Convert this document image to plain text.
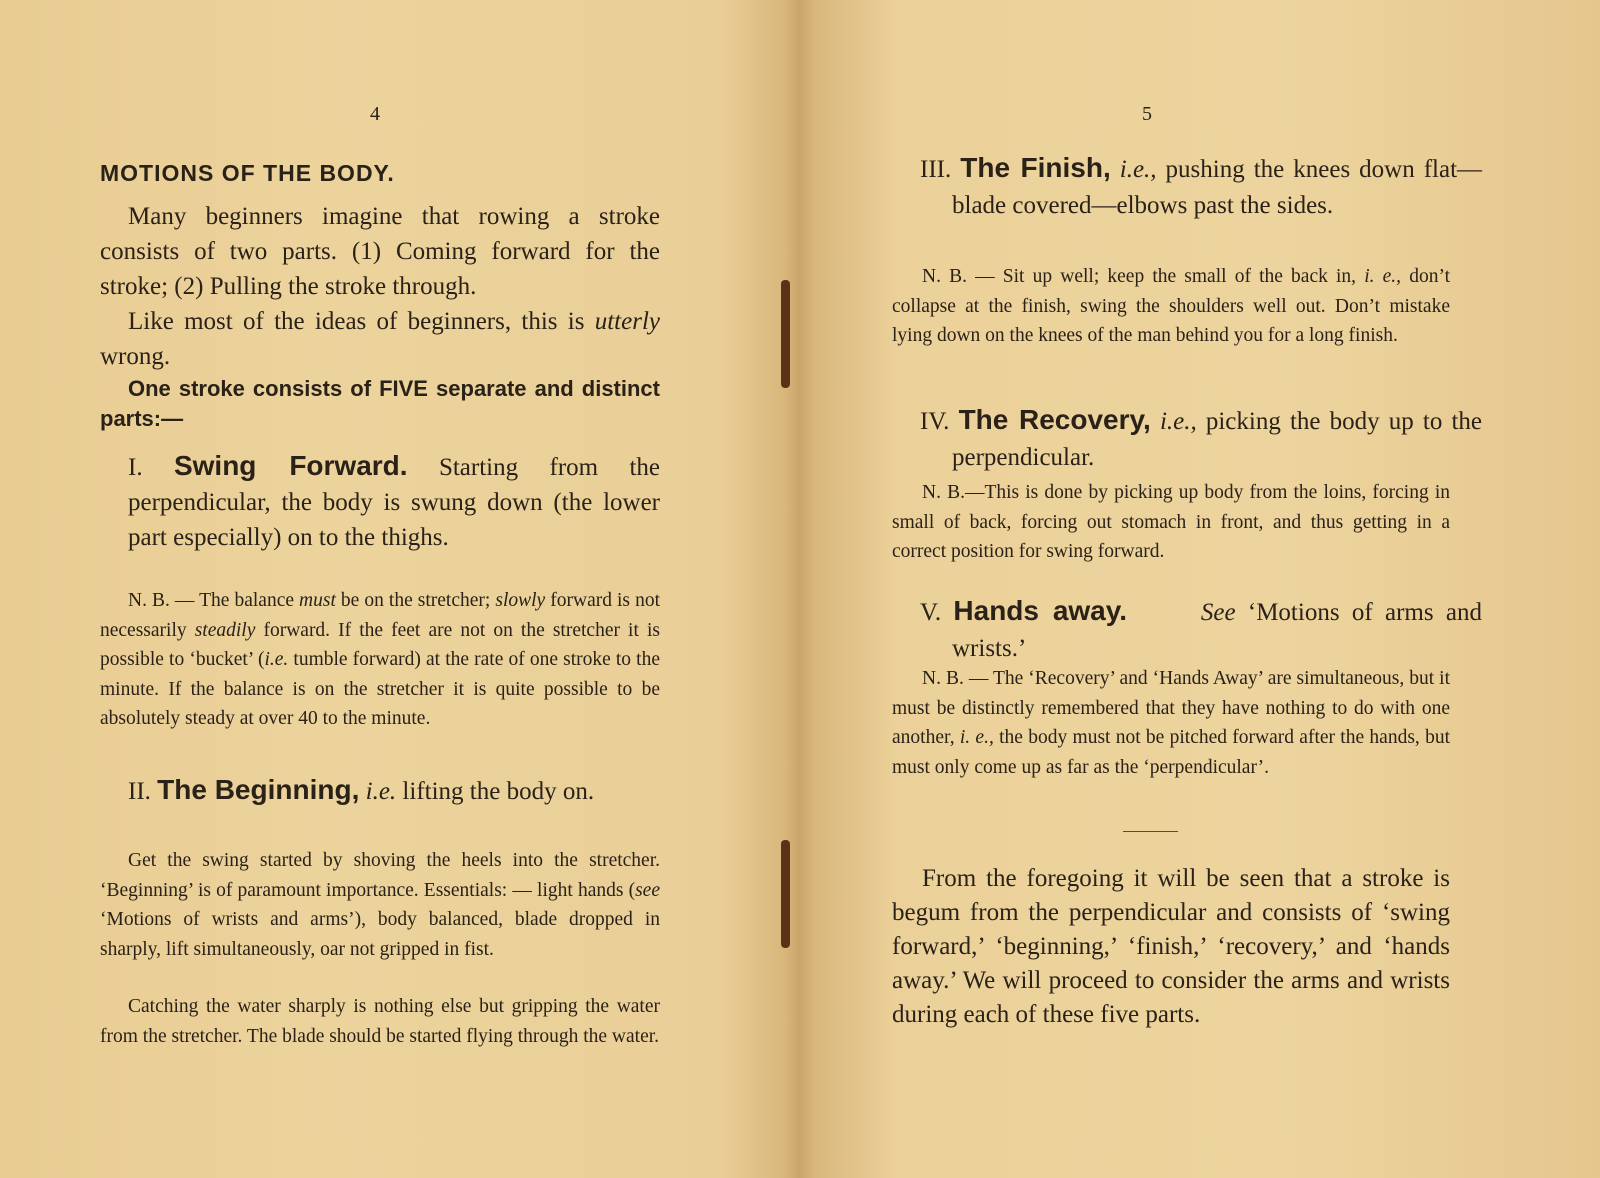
4
MOTIONS OF THE BODY.
Many beginners imagine that rowing a stroke consists of two parts. (1) Coming forward for the stroke; (2) Pulling the stroke through.
Like most of the ideas of beginners, this is utterly wrong.
One stroke consists of FIVE separate and distinct parts:—
I. Swing Forward. Starting from the perpendicular, the body is swung down (the lower part especially) on to the thighs.
N. B. — The balance must be on the stretcher; slowly forward is not necessarily steadily forward. If the feet are not on the stretcher it is possible to ‘bucket’ (i.e. tumble forward) at the rate of one stroke to the minute. If the balance is on the stretcher it is quite possible to be absolutely steady at over 40 to the minute.
II. The Beginning, i.e. lifting the body on.
Get the swing started by shoving the heels into the stretcher. ‘Beginning’ is of paramount importance. Essentials: — light hands (see ‘Motions of wrists and arms’), body balanced, blade dropped in sharply, lift simultaneously, oar not gripped in fist.
Catching the water sharply is nothing else but gripping the water from the stretcher. The blade should be started flying through the water.
5
III. The Finish, i.e., pushing the knees down flat—blade covered—elbows past the sides.
N. B. — Sit up well; keep the small of the back in, i. e., don’t collapse at the finish, swing the shoulders well out. Don’t mistake lying down on the knees of the man behind you for a long finish.
IV. The Recovery, i.e., picking the body up to the perpendicular.
N. B.—This is done by picking up body from the loins, forcing in small of back, forcing out stomach in front, and thus getting in a correct position for swing forward.
V. Hands away.	See ‘Motions of arms and wrists.’
N. B. — The ‘Recovery’ and ‘Hands Away’ are simultaneous, but it must be distinctly remembered that they have nothing to do with one another, i. e., the body must not be pitched forward after the hands, but must only come up as far as the ‘perpendicular’.
From the foregoing it will be seen that a stroke is begum from the perpendicular and consists of ‘swing forward,’ ‘beginning,’ ‘finish,’ ‘recovery,’ and ‘hands away.’ We will proceed to consider the arms and wrists during each of these five parts.
